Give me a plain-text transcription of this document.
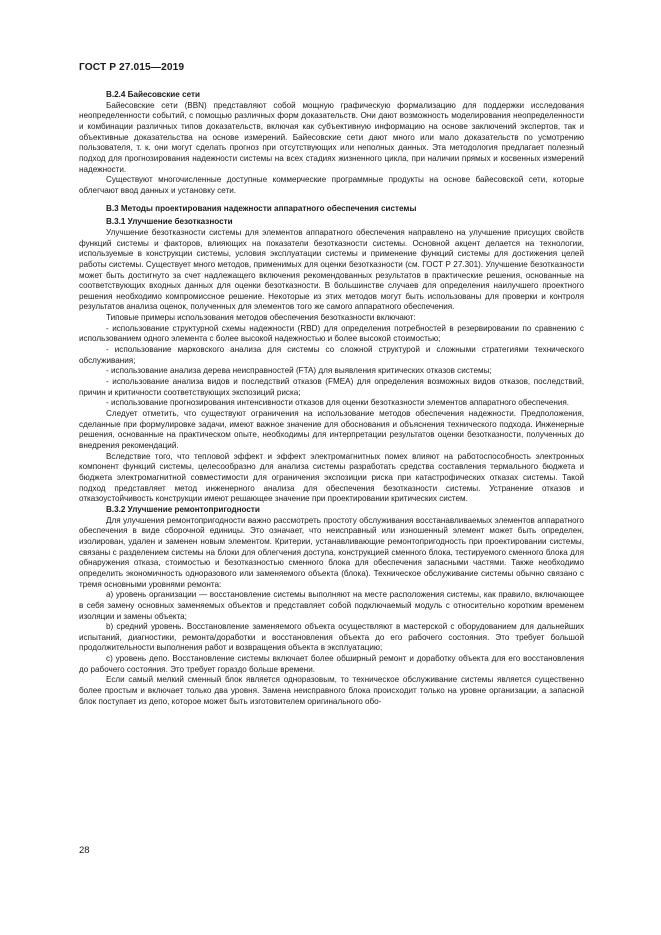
ГОСТ Р 27.015—2019
В.2.4 Байесовские сети

Байесовские сети (BBN) представляют собой мощную графическую формализацию для поддержки исследования неопределенности событий, с помощью различных форм доказательств. Они дают возможность моделирования неопределенности и комбинации различных типов доказательств, включая как субъективную информацию на основе заключений экспертов, так и объективные доказательства на основе измерений. Байесовские сети дают много или мало доказательств по усмотрению пользователя, т. к. они могут сделать прогноз при отсутствующих или неполных данных. Эта методология предлагает полезный подход для прогнозирования надежности системы на всех стадиях жизненного цикла, при наличии прямых и косвенных измерений надежности.

Существуют многочисленные доступные коммерческие программные продукты на основе байесовской сети, которые облегчают ввод данных и установку сети.

В.3 Методы проектирования надежности аппаратного обеспечения системы
В.3.1 Улучшение безотказности

Улучшение безотказности системы для элементов аппаратного обеспечения направлено на улучшение присущих свойств функций системы и факторов, влияющих на показатели безотказности системы. Основной акцент делается на технологии, используемые в конструкции системы, условия эксплуатации системы и применение функций системы для достижения целей работы системы. Существует много методов, применимых для оценки безотказности (см. ГОСТ Р 27.301). Улучшение безотказности может быть достигнуто за счет надлежащего включения рекомендованных результатов в практические решения, основанные на соответствующих входных данных для оценки безотказности. В большинстве случаев для определения наилучшего проектного решения необходимо компромиссное решение. Некоторые из этих методов могут быть использованы для проверки и контроля результатов анализа оценок, полученных для элементов того же самого аппаратного обеспечения.

Типовые примеры использования методов обеспечения безотказности включают:

- использование структурной схемы надежности (RBD) для определения потребностей в резервировании по сравнению с использованием одного элемента с более высокой надежностью и более высокой стоимостью;

- использование марковского анализа для системы со сложной структурой и сложными стратегиями технического обслуживания;

- использование анализа дерева неисправностей (FTA) для выявления критических отказов системы;

- использование анализа видов и последствий отказов (FMEA) для определения возможных видов отказов, последствий, причин и критичности соответствующих экспозиций риска;

- использование прогнозирования интенсивности отказов для оценки безотказности элементов аппаратного обеспечения.

Следует отметить, что существуют ограничения на использование методов обеспечения надежности. Предположения, сделанные при формулировке задачи, имеют важное значение для обоснования и объяснения технического подхода. Инженерные решения, основанные на практическом опыте, необходимы для интерпретации результатов оценки безотказности, полученных до внедрения рекомендаций.

Вследствие того, что тепловой эффект и эффект электромагнитных помех влияют на работоспособность электронных компонент функций системы, целесообразно для анализа системы разработать средства составления термального бюджета и бюджета электромагнитной совместимости для ограничения экспозиции риска при катастрофических отказах системы. Такой подход представляет метод инженерного анализа для обеспечения безотказности системы. Устранение отказов и отказоустойчивость конструкции имеют решающее значение при проектировании критических систем.

В.3.2 Улучшение ремонтопригодности

Для улучшения ремонтопригодности важно рассмотреть простоту обслуживания восстанавливаемых элементов аппаратного обеспечения в виде сборочной единицы. Это означает, что неисправный или изношенный элемент может быть определен, изолирован, удален и заменен новым элементом. Критерии, устанавливающие ремонтопригодность при проектировании системы, связаны с разделением системы на блоки для облегчения доступа, конструкцией сменного блока, тестируемого сменного блока для обнаружения отказа, стоимостью и безотказностью сменного блока для обеспечения запасными частями. Также необходимо определить экономичность одноразового или заменяемого объекта (блока). Техническое обслуживание системы обычно связано с тремя основными уровнями ремонта:

а) уровень организации — восстановление системы выполняют на месте расположения системы, как правило, включающее в себя замену основных заменяемых объектов и представляет собой подключаемый модуль с относительно коротким временем изоляции и замены объекта;

b) средний уровень. Восстановление заменяемого объекта осуществляют в мастерской с оборудованием для дальнейших испытаний, диагностики, ремонта/доработки и восстановления объекта до его рабочего состояния. Это требует большой продолжительности выполнения работ и возвращения объекта в эксплуатацию;

с) уровень депо. Восстановление системы включает более обширный ремонт и доработку объекта для его восстановления до рабочего состояния. Это требует гораздо больше времени.

Если самый мелкий сменный блок является одноразовым, то техническое обслуживание системы является существенно более простым и включает только два уровня. Замена неисправного блока происходит только на уровне организации, а запасной блок поступает из депо, которое может быть изготовителем оригинального обо-

28
